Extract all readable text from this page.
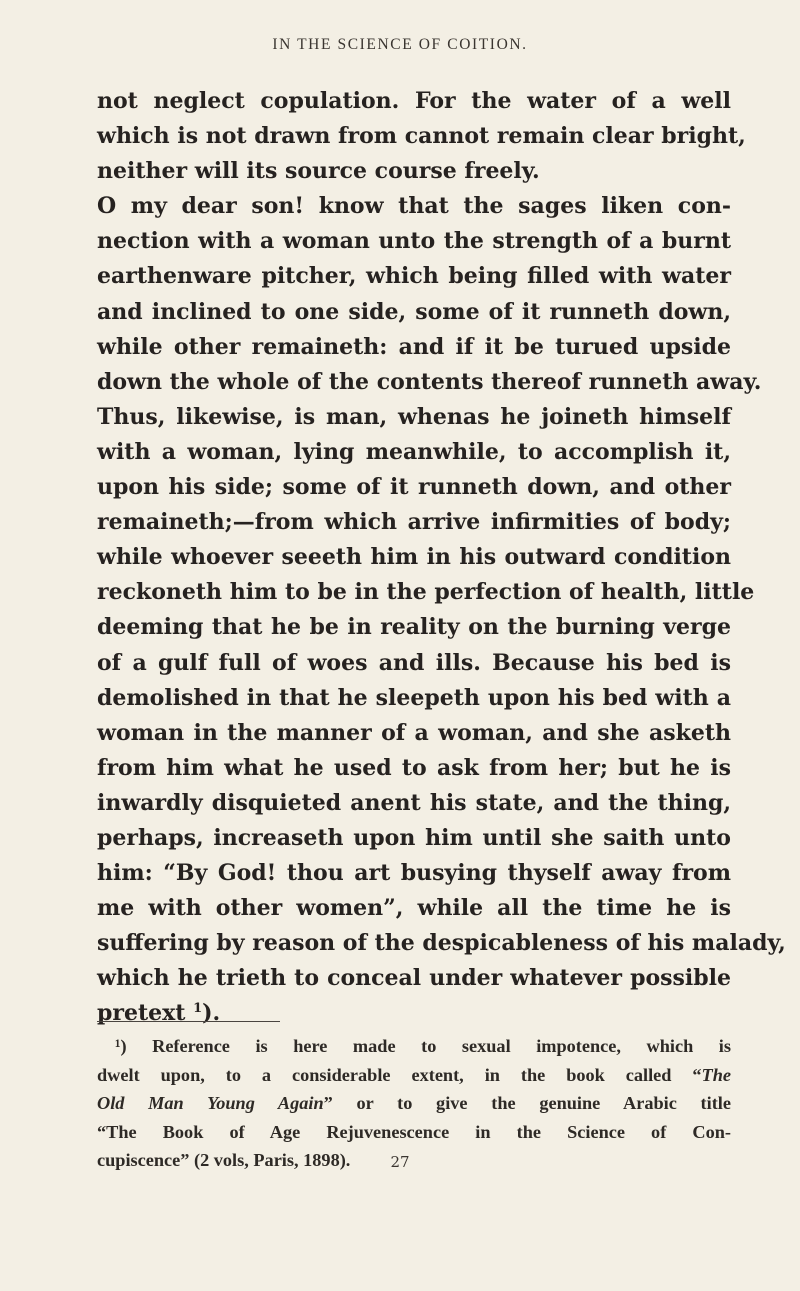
IN THE SCIENCE OF COITION.
not neglect copulation. For the water of a well
which is not drawn from cannot remain clear bright,
neither will its source course freely.
O my dear son! know that the sages liken con-
nection with a woman unto the strength of a burnt
earthenware pitcher, which being filled with water
and inclined to one side, some of it runneth down,
while other remaineth: and if it be turued upside
down the whole of the contents thereof runneth away.
Thus, likewise, is man, whenas he joineth himself
with a woman, lying meanwhile, to accomplish it,
upon his side; some of it runneth down, and other
remaineth;—from which arrive infirmities of body;
while whoever seeeth him in his outward condition
reckoneth him to be in the perfection of health, little
deeming that he be in reality on the burning verge
of a gulf full of woes and ills. Because his bed is
demolished in that he sleepeth upon his bed with a
woman in the manner of a woman, and she asketh
from him what he used to ask from her; but he is
inwardly disquieted anent his state, and the thing,
perhaps, increaseth upon him until she saith unto
him: “By God! thou art busying thyself away from
me with other women”, while all the time he is
suffering by reason of the despicableness of his malady,
which he trieth to conceal under whatever possible
pretext $^1$).
¹) Reference is here made to sexual impotence, which is
dwelt upon, to a considerable extent, in the book called “The
Old Man Young Again” or to give the genuine Arabic title
“The Book of Age Rejuvenescence in the Science of Con-
cupiscence” (2 vols, Paris, 1898).	27
